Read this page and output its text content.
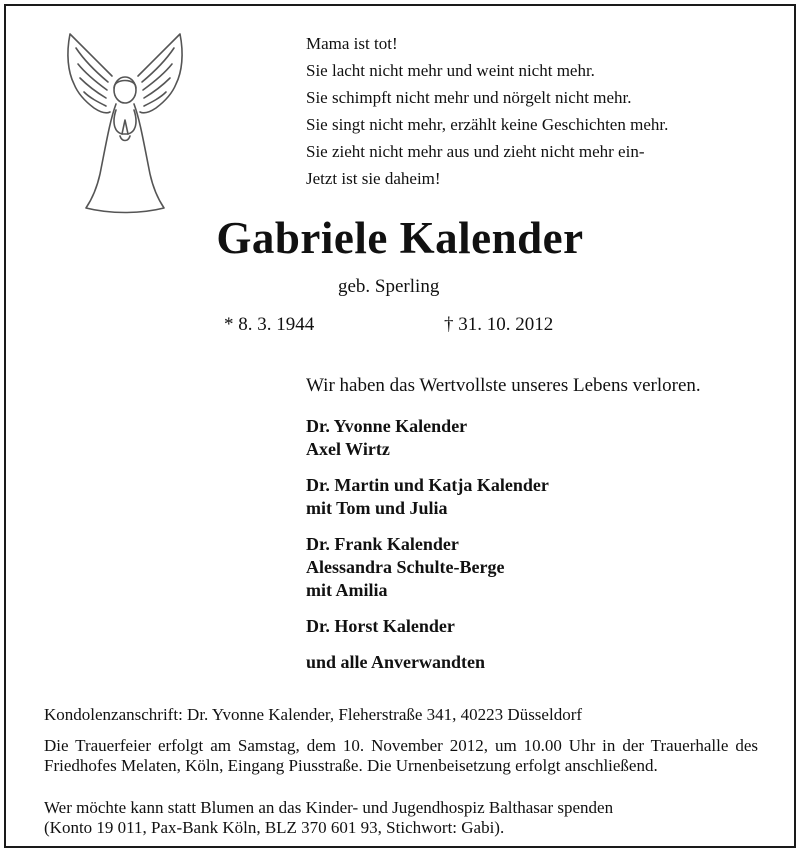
Mama ist tot!
Sie lacht nicht mehr und weint nicht mehr.
Sie schimpft nicht mehr und nörgelt nicht mehr.
Sie singt nicht mehr, erzählt keine Geschichten mehr.
Sie zieht nicht mehr aus und zieht nicht mehr ein-
Jetzt ist sie daheim!
Gabriele Kalender
geb. Sperling
* 8. 3. 1944	† 31. 10. 2012
Wir haben das Wertvollste unseres Lebens verloren.
Dr. Yvonne Kalender
Axel Wirtz
Dr. Martin und Katja Kalender
mit Tom und Julia
Dr. Frank Kalender
Alessandra Schulte-Berge
mit Amilia
Dr. Horst Kalender
und alle Anverwandten
Kondolenzanschrift: Dr. Yvonne Kalender, Fleherstraße 341, 40223 Düsseldorf
Die Trauerfeier erfolgt am Samstag, dem 10. November 2012, um 10.00 Uhr in der Trauerhalle des Friedhofes Melaten, Köln, Eingang Piusstraße. Die Urnenbeisetzung erfolgt anschließend.
Wer möchte kann statt Blumen an das Kinder- und Jugendhospiz Balthasar spenden
(Konto 19 011, Pax-Bank Köln, BLZ 370 601 93, Stichwort: Gabi).
